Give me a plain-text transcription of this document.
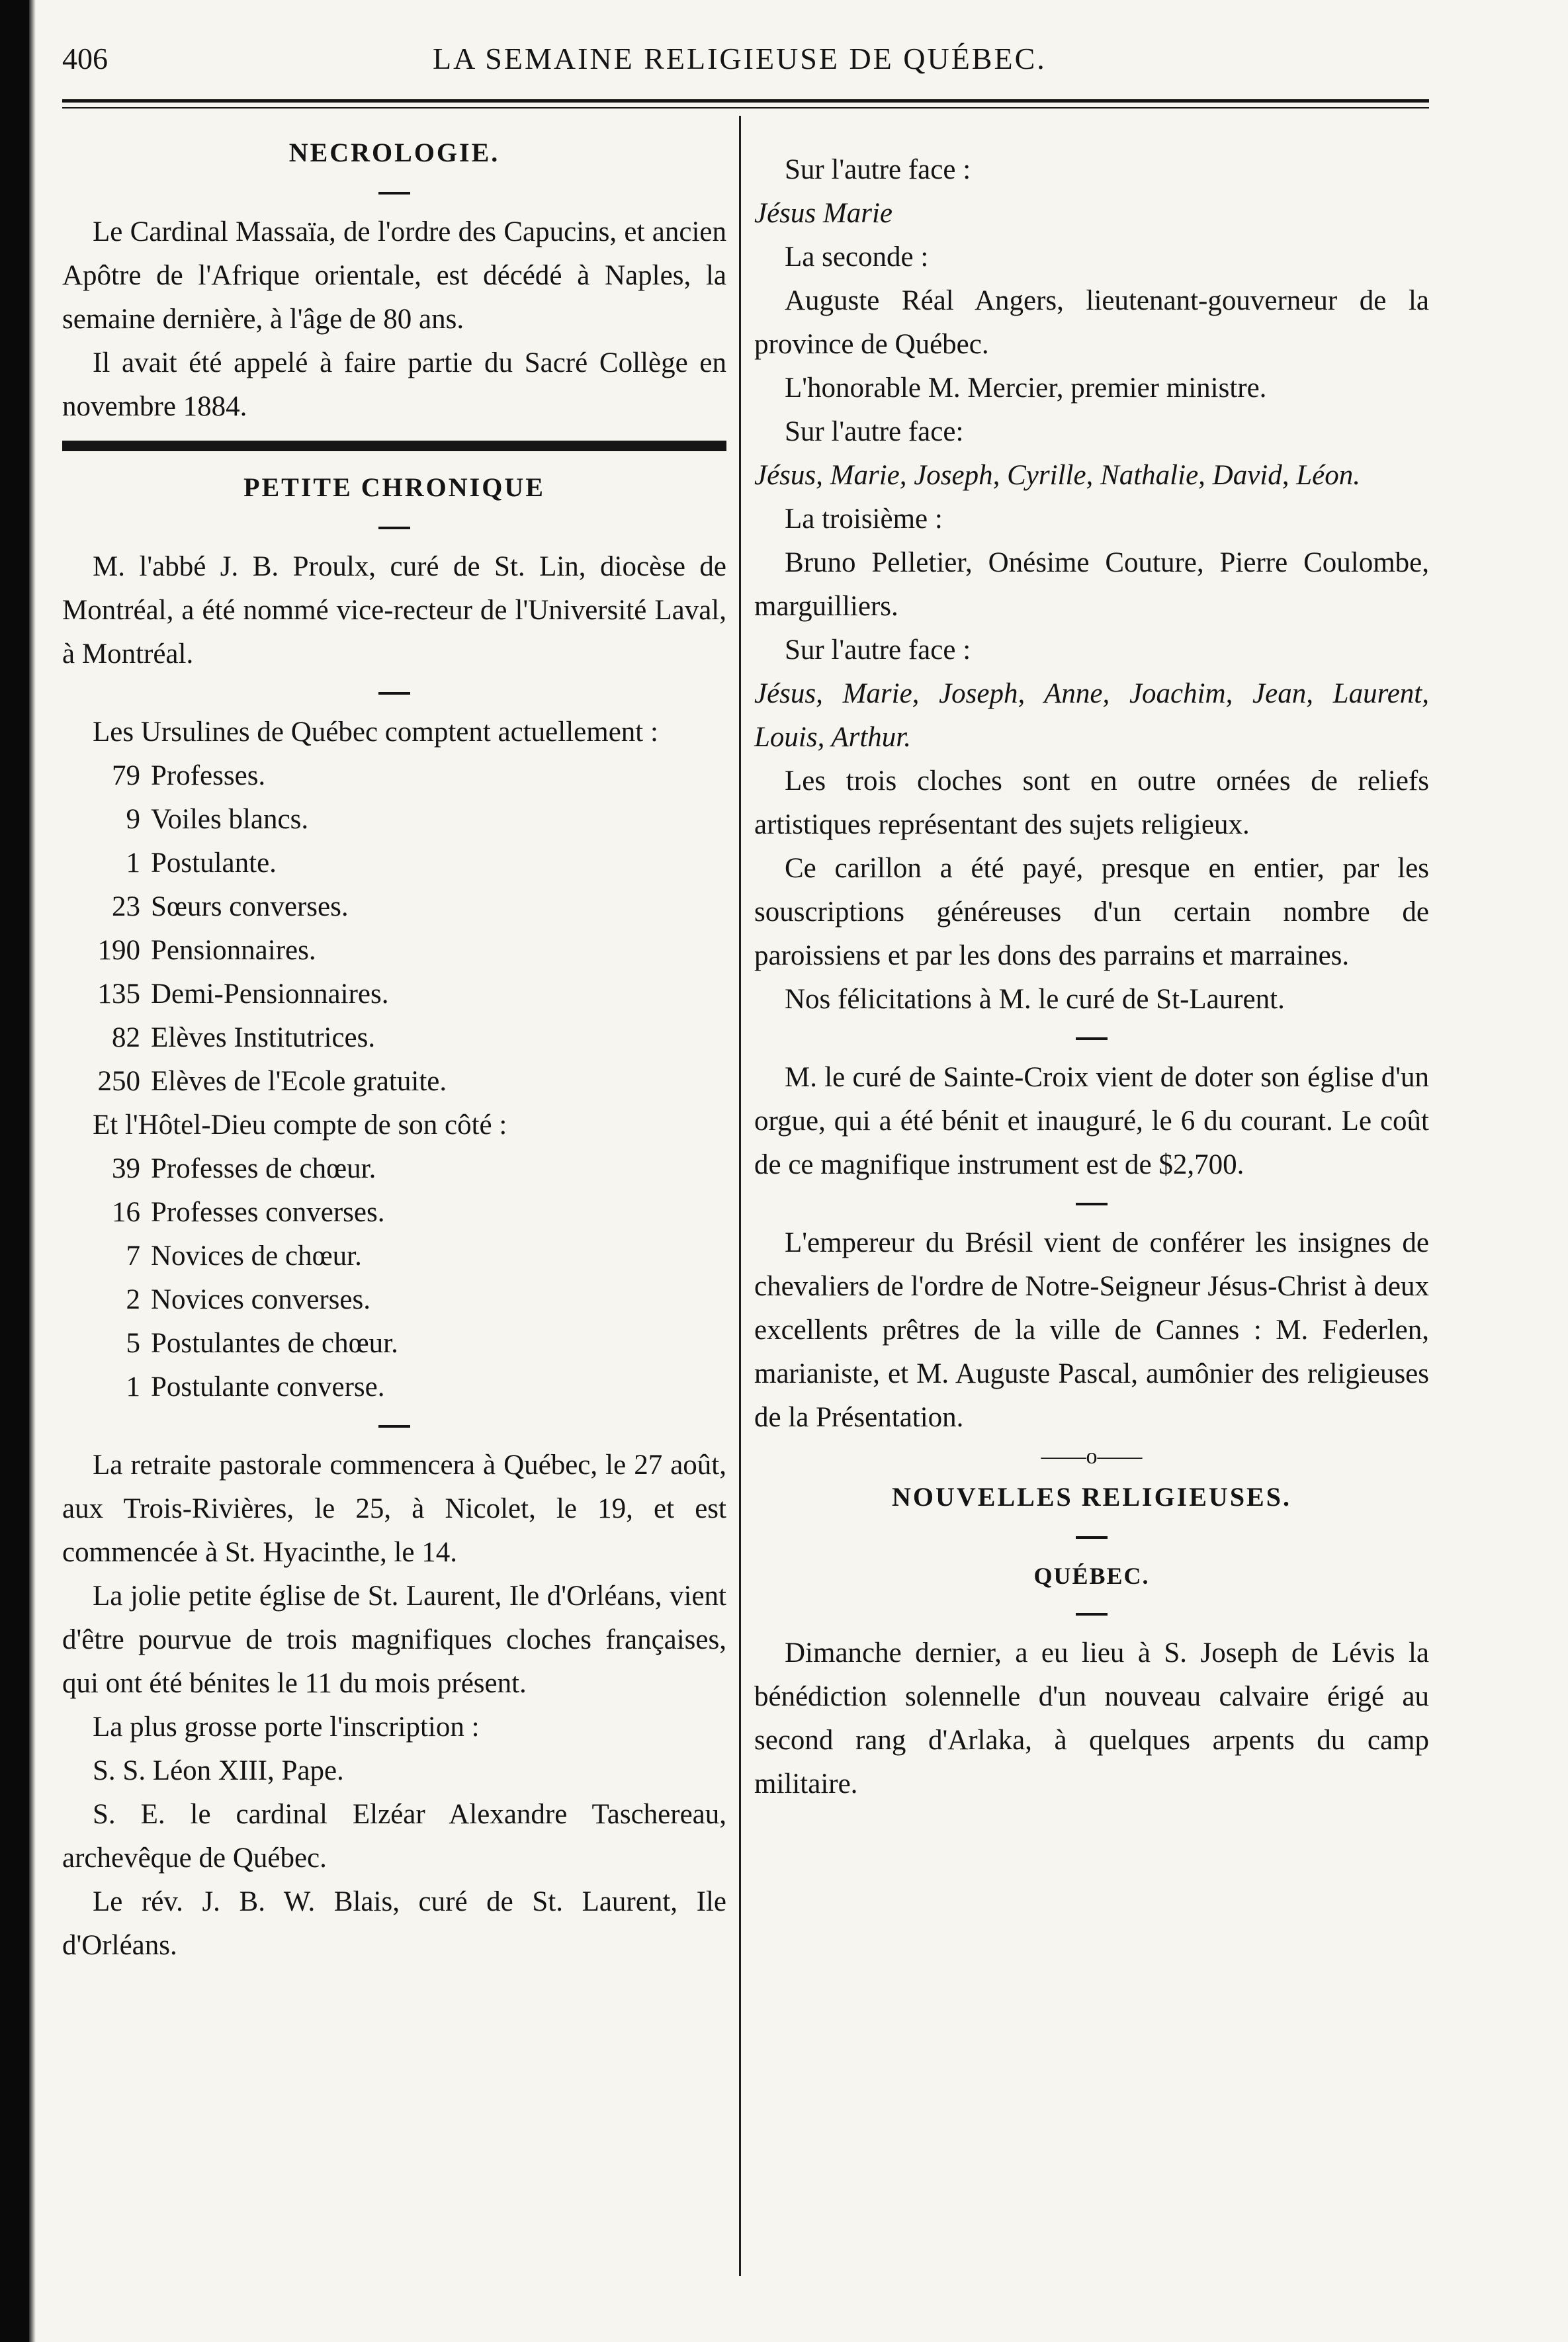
406	LA SEMAINE RELIGIEUSE DE QUÉBEC.
NECROLOGIE.

Le Cardinal Massaïa, de l'ordre des Capucins, et ancien Apôtre de l'Afrique orientale, est décédé à Naples, la semaine dernière, à l'âge de 80 ans.

Il avait été appelé à faire partie du Sacré Collège en novembre 1884.

PETITE CHRONIQUE

M. l'abbé J. B. Proulx, curé de St. Lin, diocèse de Montréal, a été nommé vice-recteur de l'Université Laval, à Montréal.

Les Ursulines de Québec comptent actuellement :

79 Professes.
9 Voiles blancs.
1 Postulante.
23 Sœurs converses.
190 Pensionnaires.
135 Demi-Pensionnaires.
82 Elèves Institutrices.
250 Elèves de l'Ecole gratuite.

Et l'Hôtel-Dieu compte de son côté :

39 Professes de chœur.
16 Professes converses.
7 Novices de chœur.
2 Novices converses.
5 Postulantes de chœur.
1 Postulante converse.

La retraite pastorale commencera à Québec, le 27 août, aux Trois-Rivières, le 25, à Nicolet, le 19, et est commencée à St. Hyacinthe, le 14.

La jolie petite église de St. Laurent, Ile d'Orléans, vient d'être pourvue de trois magnifiques cloches françaises, qui ont été bénites le 11 du mois présent.

La plus grosse porte l'inscription :

S. S. Léon XIII, Pape.

S. E. le cardinal Elzéar Alexandre Taschereau, archevêque de Québec.

Le rév. J. B. W. Blais, curé de St. Laurent, Ile d'Orléans.

Sur l'autre face :

Jésus Marie

La seconde :

Auguste Réal Angers, lieutenant-gouverneur de la province de Québec.

L'honorable M. Mercier, premier ministre.

Sur l'autre face:

Jésus, Marie, Joseph, Cyrille, Nathalie, David, Léon.

La troisième :

Bruno Pelletier, Onésime Couture, Pierre Coulombe, marguilliers.

Sur l'autre face :

Jésus, Marie, Joseph, Anne, Joachim, Jean, Laurent, Louis, Arthur.

Les trois cloches sont en outre ornées de reliefs artistiques représentant des sujets religieux.

Ce carillon a été payé, presque en entier, par les souscriptions généreuses d'un certain nombre de paroissiens et par les dons des parrains et marraines.

Nos félicitations à M. le curé de St-Laurent.

M. le curé de Sainte-Croix vient de doter son église d'un orgue, qui a été bénit et inauguré, le 6 du courant. Le coût de ce magnifique instrument est de $2,700.

L'empereur du Brésil vient de conférer les insignes de chevaliers de l'ordre de Notre-Seigneur Jésus-Christ à deux excellents prêtres de la ville de Cannes : M. Federlen, marianiste, et M. Auguste Pascal, aumônier des religieuses de la Présentation.

——o——
NOUVELLES RELIGIEUSES.
QUÉBEC.

Dimanche dernier, a eu lieu à S. Joseph de Lévis la bénédiction solennelle d'un nouveau calvaire érigé au second rang d'Arlaka, à quelques arpents du camp militaire.
